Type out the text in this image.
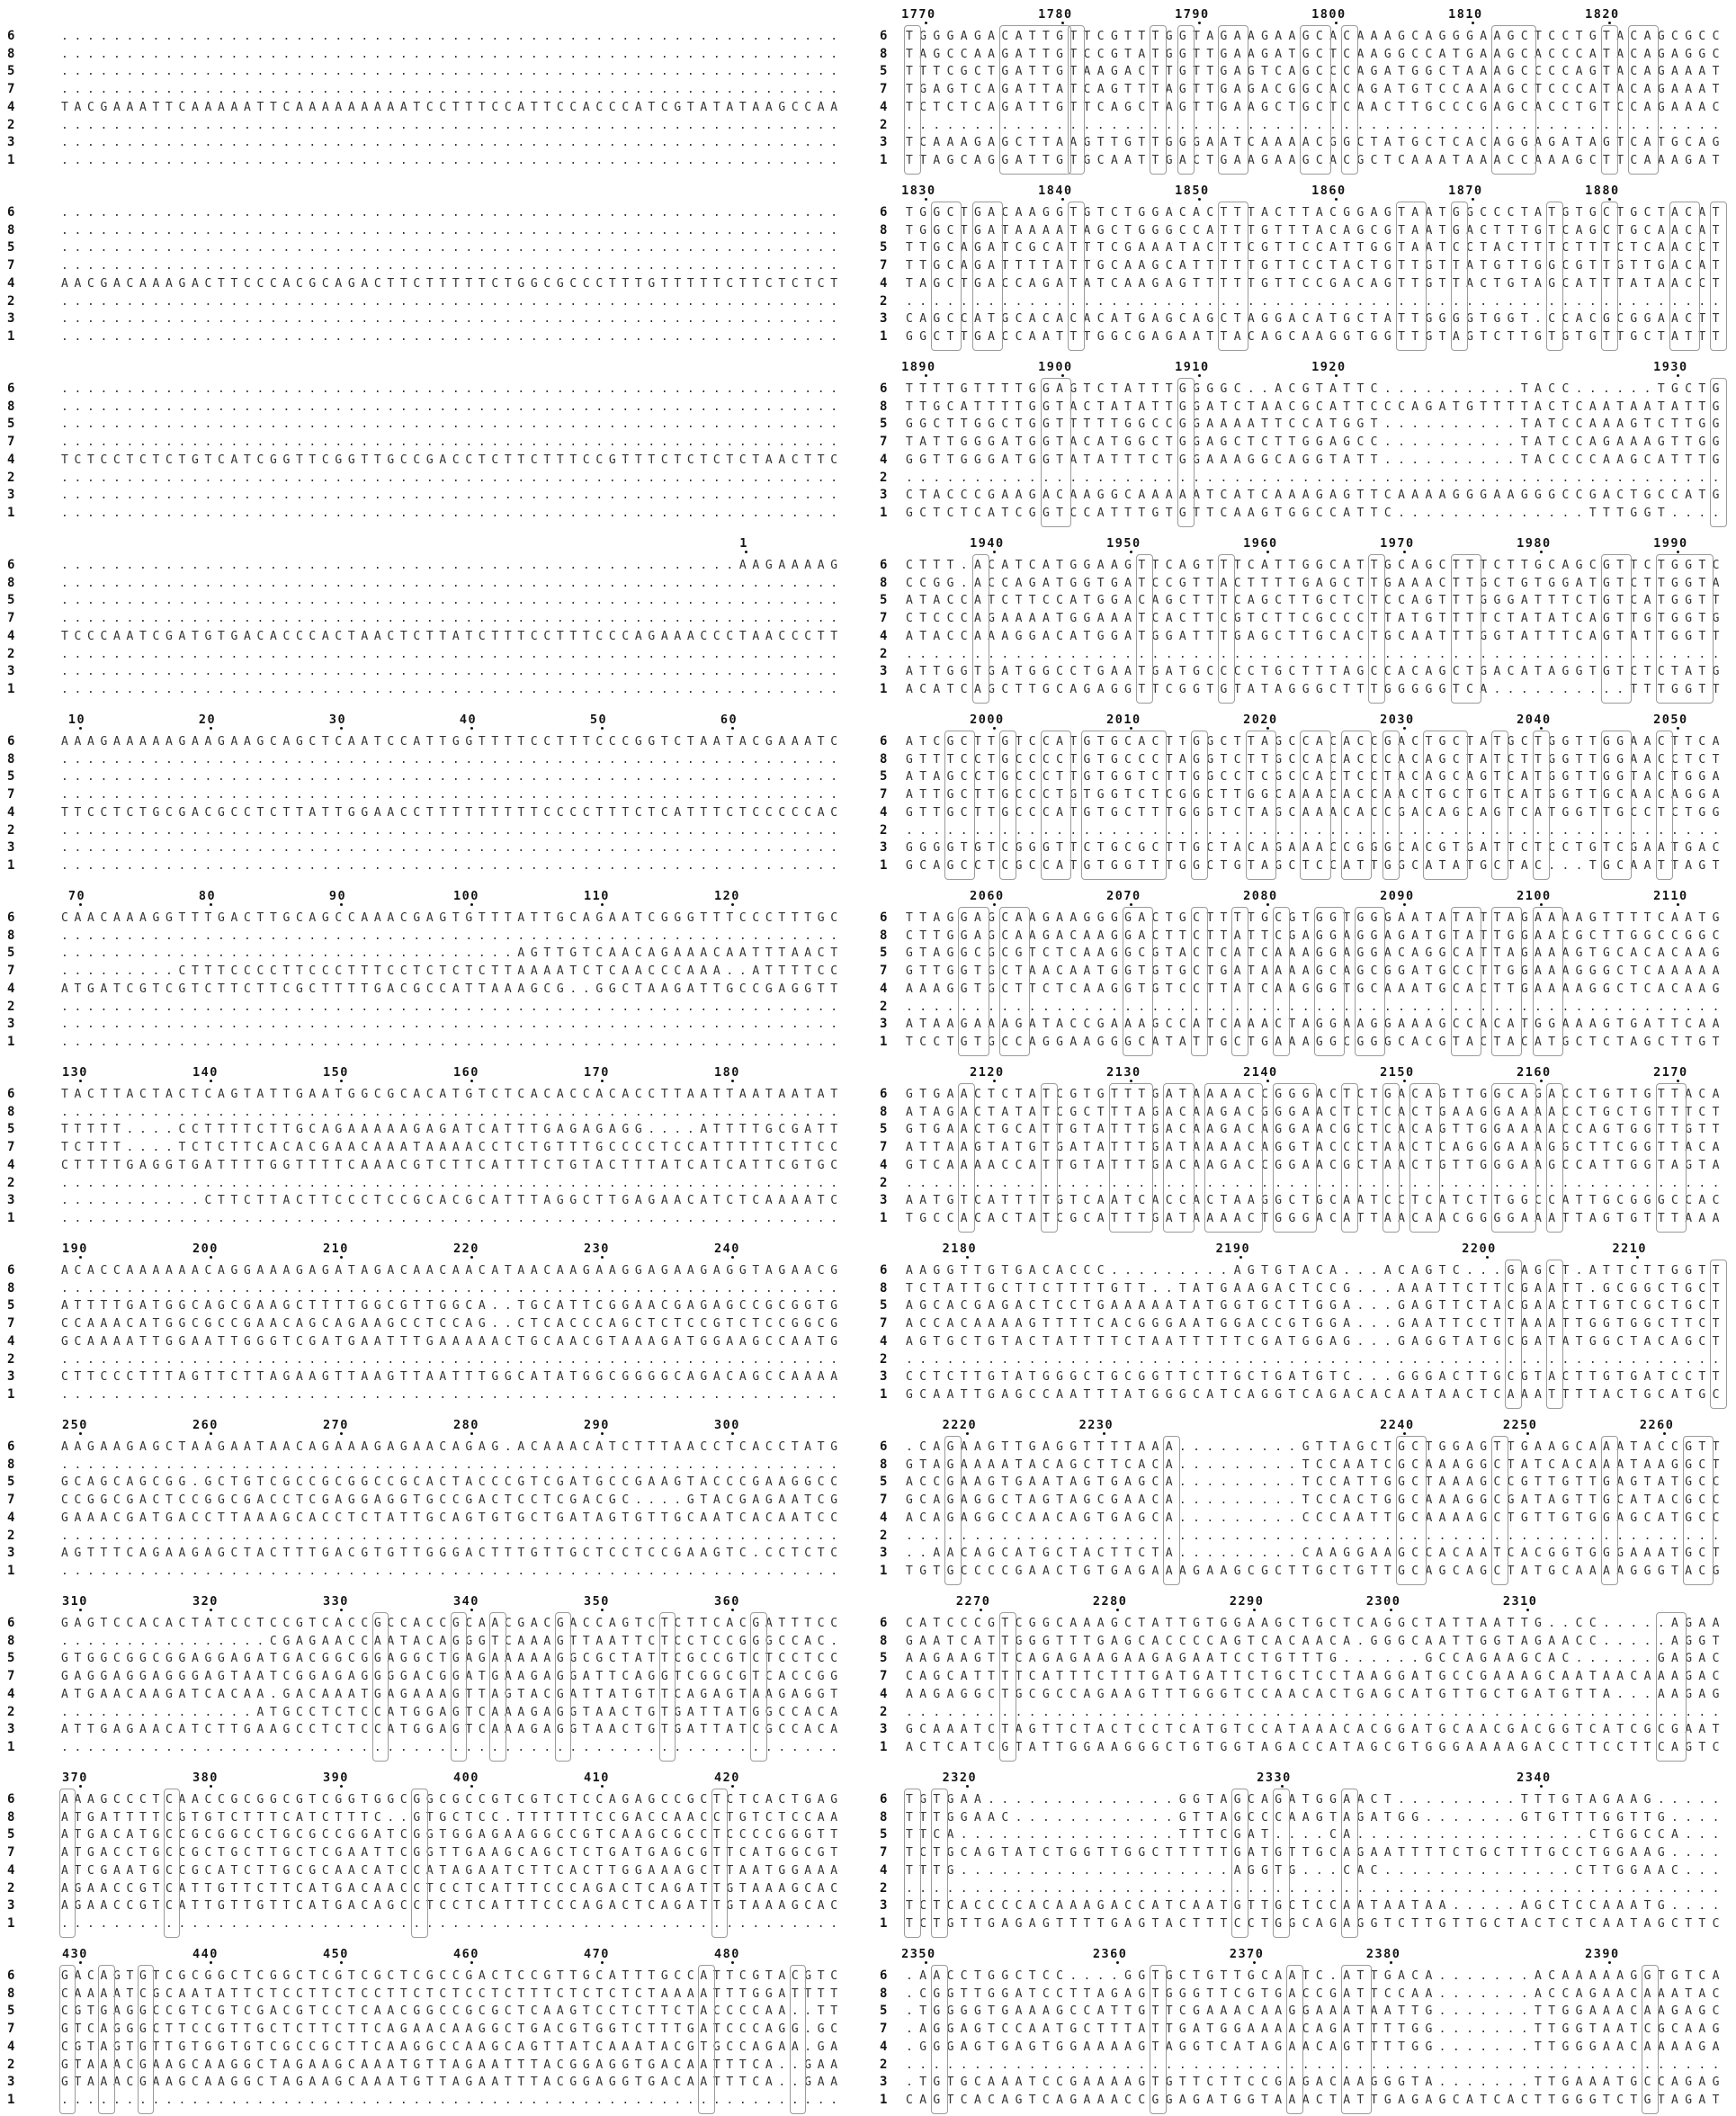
6	............................................................
8	............................................................
5	............................................................
7	............................................................
4	TACGAAATTCAAAAATTCAAAAAAAAATCCTTTCCATTCCACCCATCGTATATAAGCCAA
2	............................................................
3	............................................................
1	............................................................
6	............................................................
8	............................................................
5	............................................................
7	............................................................
4	AACGACAAAGACTTCCCACGCAGACTTCTTTTTCTGGCGCCCTTTGTTTTTCTTCTCTCT
2	............................................................
3	............................................................
1	............................................................
6	............................................................
8	............................................................
5	............................................................
7	............................................................
4	TCTCCTCTCTGTCATCGGTTCGGTTGCCGACCTCTTCTTTCCGTTTCTCTCTCTAACTTC
2	............................................................
3	............................................................
1	............................................................
1
6	....................................................AAGAAAAG
8	............................................................
5	............................................................
7	............................................................
4	TCCCAATCGATGTGACACCCACTAACTCTTATCTTTCCTTTCCCAGAAACCCTAACCCTT
2	............................................................
3	............................................................
1	............................................................
10	20	30	40	50	60
6	AAAGAAAAAGAAGAAGCAGCTCAATCCATTGGTTTTCCTTTCCCGGTCTAATACGAAATC
8	............................................................
5	............................................................
7	............................................................
4	TTCCTCTGCGACGCCTCTTATTGGAACCTTTTTTTTTCCCCTTTCTCATTTCTCCCCCAC
2	............................................................
3	............................................................
1	............................................................
70	80	90	100	110	120
6	CAACAAAGGTTTGACTTGCAGCCAAACGAGTGTTTATTGCAGAATCGGGTTTCCCTTTGC
8	............................................................
5	...................................AGTTGTCAACAGAAACAATTTAACT
7	.........CTTTCCCCTTCCCTTTCCTCTCTCTTAAAATCTCAACCCAAA..ATTTTCC
4	ATGATCGTCGTCTTCTTCGCTTTTGACGCCATTAAAGCG..GGCTAAGATTGCCGAGGTT
2	............................................................
3	............................................................
1	............................................................
130	140	150	160	170	180
6	TACTTACTACTCAGTATTGAATGGCGCACATGTCTCACACCACACCTTAATTAATAATAT
8	............................................................
5	TTTTT....CCTTTTCTTGCAGAAAAAGAGATCATTTGAGAGAGG....ATTTTGCGATT
7	TCTTT....TCTCTTCACACGAACAAATAAAACCTCTGTTTGCCCCTCCATTTTTCTTCC
4	CTTTTGAGGTGATTTTGGTTTTCAAACGTCTTCATTTCTGTACTTTATCATCATTCGTGC
2	............................................................
3	...........CTTCTTACTTCCCTCCGCACGCATTTAGGCTTGAGAACATCTCAAAATC
1	............................................................
190	200	210	220	230	240
6	ACACCAAAAAACAGGAAAGAGATAGACAACAACATAACAAGAAGGAGAAGAGGTAGAACG
8	............................................................
5	ATTTTGATGGCAGCGAAGCTTTTGGCGTTGGCA..TGCATTCGGAACGAGAGCCGCGGTG
7	CCAAACATGGCGCCGAACAGCAGAAGCCTCCAG..CTCACCCAGCTCTCCGTCTCCGGCG
4	GCAAAATTGGAATTGGGTCGATGAATTTGAAAAACTGCAACGTAAAGATGGAAGCCAATG
2	............................................................
3	CTTCCCTTTAGTTCTTAGAAGTTAAGTTAATTTGGCATATGGCGGGGCAGACAGCCAAAA
1	............................................................
250	260	270	280	290	300
6	AAGAAGAGCTAAGAATAACAGAAAGAGAACAGAG.ACAAACATCTTTAACCTCACCTATG
8	............................................................
5	GCAGCAGCGG.GCTGTCGCCGCGGCCGCACTACCCGTCGATGCCGAAGTACCCGAAGGCC
7	CCGGCGACTCCGGCGACCTCGAGGAGGTGCCGACTCCTCGACGC....GTACGAGAATCG
4	GAAACGATGACCTTAAAGCACCTCTATTGCAGTGTGCTGATAGTGTTGCAATCACAATCC
2	............................................................
3	AGTTTCAGAAGAGCTACTTTGACGTGTTGGGACTTTGTTGCTCCTCCGAAGTC.CCTCTC
1	............................................................
310	320	330	340	350	360
6	GAGTCCACACTATCCTCCGTCACCGCCACCGCAACGACGACCAGTCTCTTCACGATTTCC
8	................CGAGAACCAATACAGGGTCAAAGTTAATTCTCCTCCGGGCCAC.
5	GTGGCGGCGGAGGAGATGACGGCGGAGGCTGAGAAAAAGGCGCTATTCGCCGTCTCCTCC
7	GAGGAGGAGGGAGTAATCGGAGAGGGGACGGATGAAGAGGATTCAGGTCGGCGTCACCGG
4	ATGAACAAGATCACAA.GACAAATGAGAAAGTTAGTACGATTATGTTCAGAGTAAGAGGT
2	...............ATGCCTCTCCATGGAGTCAAAGAGGTAACTGTGATTATGGCCACA
3	ATTGAGAACATCTTGAAGCCTCTCCATGGAGTCAAAGAGGTAACTGTGATTATCGCCACA
1	............................................................
370	380	390	400	410	420
6	AAAGCCCTCAACCGCGGCGTCGGTGGCGGCGCCGTCGTCTCCAGAGCCGCTCTCACTGAG
8	ATGATTTTCGTGTCTTTCATCTTTC..GTGCTCC.TTTTTTCCGACCAACCTGTCTCCAA
5	ATGACATGCCGCGGCCTGCGCCGGATCGGTGGAGAAGGCCGTCAAGCGCCTCCCCGGGTT
7	ATGACCTGCCGCTGCTTGCTCGAATTCGGTTGAAGCAGCTCTGATGAGCGTTCATGGCGT
4	ATCGAATGCCGCATCTTGCGCAACATCCATAGAATCTTCACTTGGAAAGCTTAATGGAAA
2	AGAACCGTCATTGTTCTTCATGACAACCTCCTCATTTCCCAGACTCAGATTGTAAAGCAC
3	AGAACCGTCATTGTTGTTCATGACAGCCTCCTCATTTCCCAGACTCAGATTGTAAAGCAC
1	............................................................
430	440	450	460	470	480
6	GACAGTGTCGCGGCTCGGCTCGTCGCTCGCCGACTCCGTTGCATTTGCCATTCGTACGTC
8	CAAAATCGCAATATTCTCCTTCTCCTTCTCTCCTCTTTCTCTCTCTAAAATTTGGATTTT
5	CGTGAGGCCGTCGTCGACGTCCTCAACGGCCGCGCTCAAGTCCTCTTCTACCCCAA..TT
7	GTCAGGGCTTCCGTTGCTCTTCTTCAGAACAAGGCTGACGTGGTCTTTGATCCCAGG.GC
4	CGTAGTGTTGTGGTGTCGCCGCTTCAAGGCCAAGCAGTTATCAAATACGTGCCAGAA.GA
2	GTAAACGAAGCAAGGCTAGAAGCAAATGTTAGAATTTACGGAGGTGACAATTTCA..GAA
3	GTAAACGAAGCAAGGCTAGAAGCAAATGTTAGAATTTACGGAGGTGACAATTTCA..GAA
1	............................................................
1770	1780	1790	1800	1810	1820
6 TGGGAGACATTGTTCGTTTGGTAGAAGAAGCACAAAGCAGGGAAGCTCCTGTACAGCGCC
8 TAGCCAAGATTGTCCGTATGGTTGAAGATGCTCAAGGCCATGAAGCACCCATACAGAGGC
5 TTTCGCTGATTGTAAGACTTGTTGAGTCAGCCCAGATGGCTAAAGCCCCAGTACAGAAAT
7 TGAGTCAGATTATCAGTTTAGTTGAGACGGCACAGATGTCCAAAGCTCCCATACAGAAAT
4 TCTCTCAGATTGTTCAGCTAGTTGAAGCTGCTCAACTTGCCCGAGCACCTGTCCAGAAAC
2 ............................................................
3 TCAAAGAGCTTAAGTTGTTGGGAATCAAAACGGCTATGCTCACAGGAGATAGTCATGCAG
1 TTAGCAGGATTGTGCAATTGACTGAAGAAGCACGCTCAAATAAACCAAAGCTTCAAAGAT
1830	1840	1850	1860	1870	1880
6 TGGCTGACAAGGTGTCTGGACACTTTACTTACGGAGTAATGGCCCTATGTGCTGCTACAT
8 TGGCTGATAAAATAGCTGGGCCATTTGTTTACAGCGTAATGACTTTGTCAGCTGCAACAT
5 TTGCAGATCGCATTTCGAAATACTTCGTTCCATTGGTAATCCTACTTTCTTTCTCAACCT
7 TTGCAGATTTTATTGCAAGCATTTTTGTTCCTACTGTTGTTATGTTGGCGTTGTTGACAT
4 TAGCTGACCAGATATCAAGAGTTTTTGTTCCGACAGTTGTTACTGTAGCATTTATAACCT
2 ............................................................
3 CAGCCATGCACACACATGAGCAGCTAGGACATGCTATTGGGGTGGT.CCACGCGGAACTT
1 GGCTTGACCAATTTGGCGAGAATTACAGCAAGGTGGTTGTAGTCTTGTGTGTTGCTATTT
1890	1900	1910	1920	1930
6 TTTTGTTTTGGAGTCTATTTGGGGC..ACGTATTC..........TACC......TGCTG
8 TTGCATTTTGGTACTATATTGGATCTAACGCATTCCCAGATGTTTTACTCAATAATATTG
5 GGCTTGGCTGGTTTTTGGCCGGAAAATTCCATGGT..........TATCCAAAGTCTTGG
7 TATTGGGATGGTACATGGCTGGAGCTCTTGGAGCC..........TATCCAGAAAGTTGG
4 GGTTGGGATGGTATATTTCTGGAAAGGCAGGTATT..........TACCCCAAGCATTTG
2 ............................................................
3 CTACCCGAAGACAAGGCAAAAATCATCAAAGAGTTCAAAAGGGAAGGGCCGACTGCCATG
1 GCTCTCATCGGTCCATTTGTGTTCAAGTGGCCATTC..............TTTGGT....
1940	1950	1960	1970	1980	1990
6 CTTT.ACATCATGGAAGTTCAGTTTCATTGGCATTGCAGCTTTCTTGCAGCGTTCTGGTC
8 CCGG.ACCAGATGGTGATCCGTTACTTTTGAGCTTGAAACTTGCTGTGGATGTCTTGGTA
5 ATACCATCTTCCATGGACAGCTTTCAGCTTGCTCTCCAGTTTGGGATTTCTGTCATGGTT
7 CTCCCAGAAAATGGAAATCACTTCGTCTTCGCCCTTATGTTTTCTATATCAGTTGTGGTG
4 ATACCAAAGGACATGGATGGATTTGAGCTTGCACTGCAATTTGGTATTTCAGTATTGGTT
2 ............................................................
3 ATTGGTGATGGCCTGAATGATGCCCCTGCTTTAGCCACAGCTGACATAGGTGTCTCTATG
1 ACATCAGCTTGCAGAGGTTCGGTGTATAGGGCTTTGGGGGTCA..........TTTGGTT
2000	2010	2020	2030	2040	2050
6 ATCGCTTGTCCATGTGCACTTGGCTTAGCCACACCGACTGCTATGCTGGTTGGAACTTCA
8 GTTTCCTGCCCCTGTGCCCTAGGTCTTGCCACACCCACAGCTATCTTGGTTGGAACCTCT
5 ATAGCCTGCCCTTGTGGTCTTGGCCTCGCCACTCCTACAGCAGTCATGGTTGGTACTGGA
7 ATTGCTTGCCCTGTGGTCTCGGCTTGGCAAACACCAACTGCTGTCATGGTTGCAACAGGA
4 GTTGCTTGCCCATGTGCTTTGGGTCTAGCAAACACCGACAGCAGTCATGGTTGCCTCTGG
2 ............................................................
3 GGGGTGTCGGGTTCTGCGCTTGCTACAGAAACCGGGCACGTGATTCTCCTGTCGAATGAC
1 GCAGCCTCGCCATGTGGTTTGGCTGTAGCTCCATTGGCATATGCTAC...TGCAATTAGT
2060	2070	2080	2090	2100	2110
6 TTAGGAGCAAGAAGGGGACTGCTTTTGCGTGGTGGGAATATATTAGAAAAGTTTTCAATG
8 CTTGGAGCAAGACAAGGACTTCTTATTCGAGGAGGAGATGTATTGGAACGCTTGGCCGGC
5 GTAGGCGCGTCTCAAGGCGTACTCATCAAAGGAGGACAGGCATTAGAAAGTGCACACAAG
7 GTTGGTGCTAACAATGGTGTGCTGATAAAAGCAGCGGATGCCTTGGAAAGGGCTCAAAAA
4 AAAGGTGCTTCTCAAGGTGTCCTTATCAAGGGTGCAAATGCACTTGAAAAGGCTCACAAG
2 ............................................................
3 ATAAGAAAGATACCGAAAGCCATCAAACTAGGAAGGAAAGCCACATGGAAAGTGATTCAA
1 TCCTGTGCCAGGAAGGGCATATTGCTGAAAGGCGGGCACGTACTACATGCTCTAGCTTGT
2120	2130	2140	2150	2160	2170
6 GTGAACTCTATCGTGTTTGATAAAACCGGGACTCTGACAGTTGGCAGACCTGTTGTTACA
8 ATAGACTATATCGCTTTAGACAAGACGGGAACTCTCACTGAAGGAAAACCTGCTGTTTCT
5 GTGAACTGCATTGTATTTGACAAGACAGGAACGCTCACAGTTGGAAAACCAGTGGTTGTT
7 ATTAAGTATGTGATATTTGATAAAACAGGTACCCTAACTCAGGGAAAGGCTTCGGTTACA
4 GTCAAAACCATTGTATTTGACAAGACCGGAACGCTAACTGTTGGGAAGCCATTGGTAGTA
2 ............................................................
3 AATGTCATTTTGTCAATCACCACTAAGGCTGCAATCCTCATCTTGGCCATTGCGGGCCAC
1 TGCCACACTATCGCATTTGATAAAACTGGGACATTAACAACGGGGAAATTAGTGTTTAAA
2180	2190	2200	2210
6 AAGGTTGTGACACCC.........AGTGTACA...ACAGTC...GAGCT.ATTCTTGGTT
8 TCTATTGCTTCTTTTGTT..TATGAAGACTCCG...AAATTCTTCGAATT.GCGGCTGCT
5 AGCACGAGACTCCTGAAAAATATGGTGCTTGGA...GAGTTCTACGAACTTGTCGCTGCT
7 ACCACAAAAGTTTTCACGGGAATGGACCGTGGA...GAATTCCTTAAATTGGTGGCTTCT
4 AGTGCTGTACTATTTTCTAATTTTTCGATGGAG...GAGGTATGCGATATGGCTACAGCT
2 ............................................................
3 CCTCTTGTATGGGCTGCGGTTCTTGCTGATGTC...GGGACTTGCGTACTTGTGATCCTT
1 GCAATTGAGCCAATTTATGGGCATCAGGTCAGACACAATAACTCAAATTTTACTGCATGC
2220	2230	2240	2250	2260
6 .CAGAAGTTGAGGTTTTAAA.........GTTAGCTGCTGGAGTTGAAGCAAATACCGTT
8 GTAGAAAATACAGCTTCACA.........TCCAATCGCAAAGGCTATCACAAATAAGGCT
5 ACCGAAGTGAATAGTGAGCA.........TCCATTGGCTAAAGCCGTTGTTGAGTATGCC
7 GCAGAGGCTAGTAGCGAACA.........TCCACTGGCAAAGGCGATAGTTGCATACGCC
4 ACAGAGGCCAACAGTGAGCA.........CCCAATTGCAAAAGCTGTTGTGGAGCATGCC
2 ............................................................
3 ..AACAGCATGCTACTTCTA.........CAAGGAAGCCACAATCACGGTGGGAAATGCT
1 TGTGCCCCGAACTGTGAGAAAGAAGCGCTTGCTGTTGCAGCAGCTATGCAAAAGGGTACG
2270	2280	2290	2300	2310
6 CATCCCGTCGGCAAAGCTATTGTGGAAGCTGCTCAGGCTATTAATTG..CC.....AGAA
8 GAATCATTGGGTTTGAGCACCCCAGTCACAACA.GGGCAATTGGTAGAACC.....AGGT
5 AAGAAGTTCAGAGAAGAAGAGAATCCTGTTTG......GCCAGAAGCAC......GAGAC
7 CAGCATTTTCATTTCTTTGATGATTCTGCTCCTAAGGATGCCGAAAGCAATAACAAAGAC
4 AAGAGGCTGCGCCAGAAGTTTGGGTCCAACACTGAGCATGTTGCTGATGTTA...AAGAG
2 ............................................................
3 GCAAATCTAGTTCTACTCCTCATGTCCATAAACACGGATGCAACGACGGTCATCGCGAAT
1 ACTCATCGTATTGGAAGGGCTGTGGTAGACCATAGCGTGGGAAAAGACCTTCCTTCAGTC
2320	2330	2340
6 TGTGAA..............GGTAGCAGATGGAACT.........TTTGTAGAAG.....
8 TTTGGAAC............GTTAGCCCAAGTAGATGG.......GTGTTTGGTTG....
5 TTCA................TTTCGAT....CA.................CTGGCCA...
7 TCTGCAGTATCTGGTTGGCTTTTTGATGTTGCAGAATTTTCTGCTTTGCCTGGAAG....
4 TTTG....................AGGTG...CAC..............CTTGGAAC...
2 ............................................................
3 TCTCACCCCACAAAGACCATCAATGTTGCTCCAATAATAA.....AGCTCCAAATG....
1 TCTGTTGAGAGTTTTGAGTACTTTCCTGGCAGAGGTCTTGTTGCTACTCTCAATAGCTTC
2350	2360	2370	2380	2390
6 .AACCTGGCTCC....GGTGCTGTTGCAATC.ATTGACA.......ACAAAAAGGTGTCA
8 .CGGTTGGATCCTTAGAGTGGGTTCGTGACCGATTCCAA.......ACCAGAACAAATAC
5 .TGGGGTGAAAGCCATTGTTCGAAACAAGGAAATAATTG.......TTGGAAACAAGAGC
7 .AGGAGTCCAATGCTTTATTGATGGAAAACAGATTTTGG.......TTGGTAATCGCAAG
4 .GGGAGTGAGTGGAAAAGTAGGTCATAGAACAGTTTTGG.......TTGGGAACAAAAGA
2 ............................................................
3 .TGTGCAAATCCGAAAAGTGTTCTTCCGAGACAAGGGTA.......TTGAAATGCCAGAG
1 CAGTCACAGTCAGAAACCGGAGATGGTAAACTATTGAGAGCATCACTTGGGTCTGTAGAT
